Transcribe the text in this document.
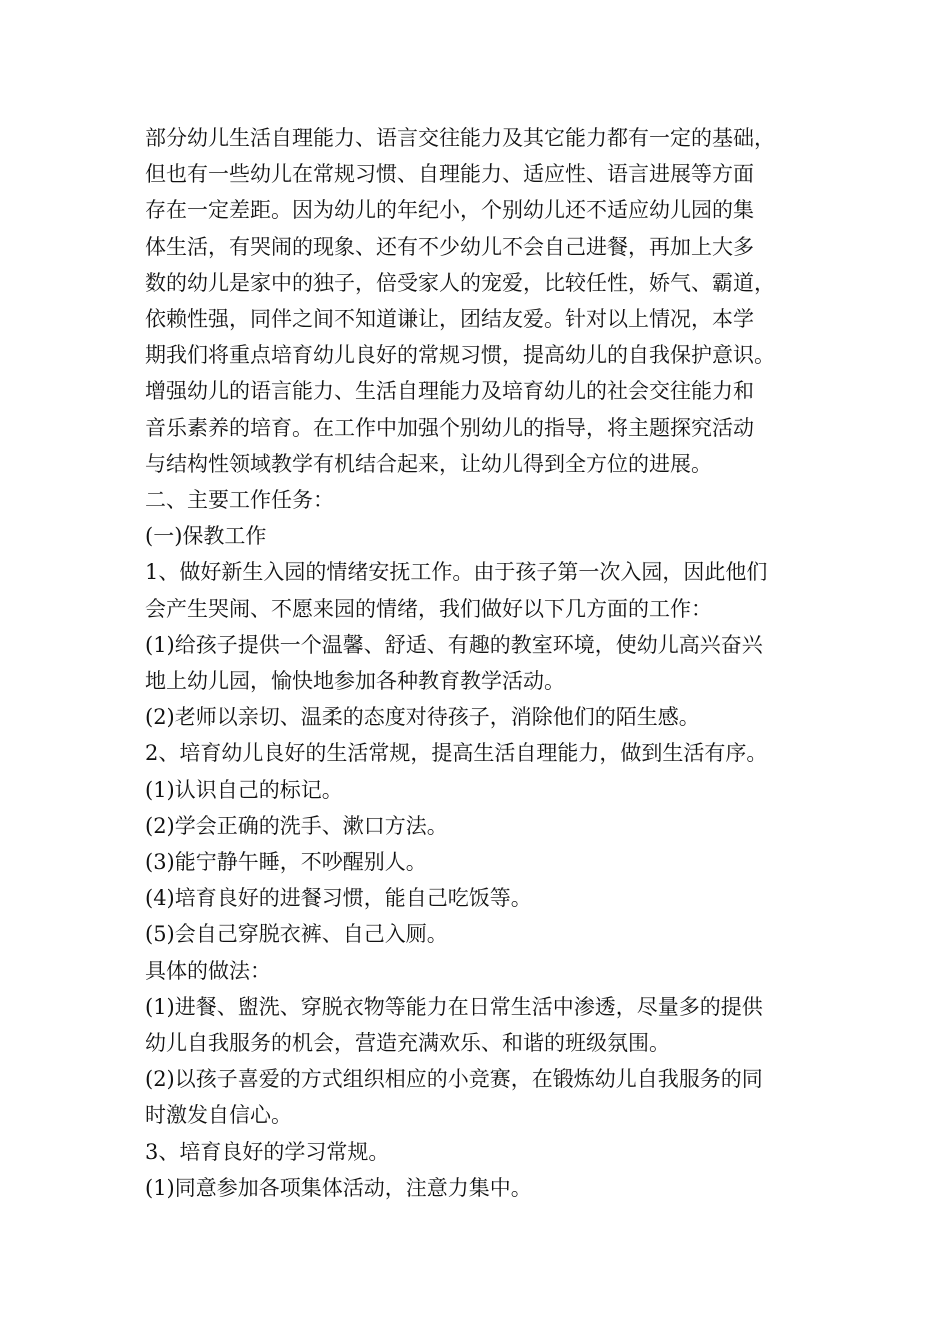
部分幼儿生活自理能力、语言交往能力及其它能力都有一定的基础，
但也有一些幼儿在常规习惯、自理能力、适应性、语言进展等方面
存在一定差距。因为幼儿的年纪小，个别幼儿还不适应幼儿园的集
体生活，有哭闹的现象、还有不少幼儿不会自己进餐，再加上大多
数的幼儿是家中的独子，倍受家人的宠爱，比较任性，娇气、霸道，
依赖性强，同伴之间不知道谦让，团结友爱。针对以上情况，本学
期我们将重点培育幼儿良好的常规习惯，提高幼儿的自我保护意识。
增强幼儿的语言能力、生活自理能力及培育幼儿的社会交往能力和
音乐素养的培育。在工作中加强个别幼儿的指导，将主题探究活动
与结构性领域教学有机结合起来，让幼儿得到全方位的进展。
二、主要工作任务：
(一)保教工作
1、做好新生入园的情绪安抚工作。由于孩子第一次入园，因此他们
会产生哭闹、不愿来园的情绪，我们做好以下几方面的工作：
(1)给孩子提供一个温馨、舒适、有趣的教室环境，使幼儿高兴奋兴
地上幼儿园，愉快地参加各种教育教学活动。
(2)老师以亲切、温柔的态度对待孩子，消除他们的陌生感。
2、培育幼儿良好的生活常规，提高生活自理能力，做到生活有序。
(1)认识自己的标记。
(2)学会正确的洗手、漱口方法。
(3)能宁静午睡，不吵醒别人。
(4)培育良好的进餐习惯，能自己吃饭等。
(5)会自己穿脱衣裤、自己入厕。
具体的做法：
(1)进餐、盥洗、穿脱衣物等能力在日常生活中渗透，尽量多的提供
幼儿自我服务的机会，营造充满欢乐、和谐的班级氛围。
(2)以孩子喜爱的方式组织相应的小竞赛，在锻炼幼儿自我服务的同
时激发自信心。
3、培育良好的学习常规。
(1)同意参加各项集体活动，注意力集中。
